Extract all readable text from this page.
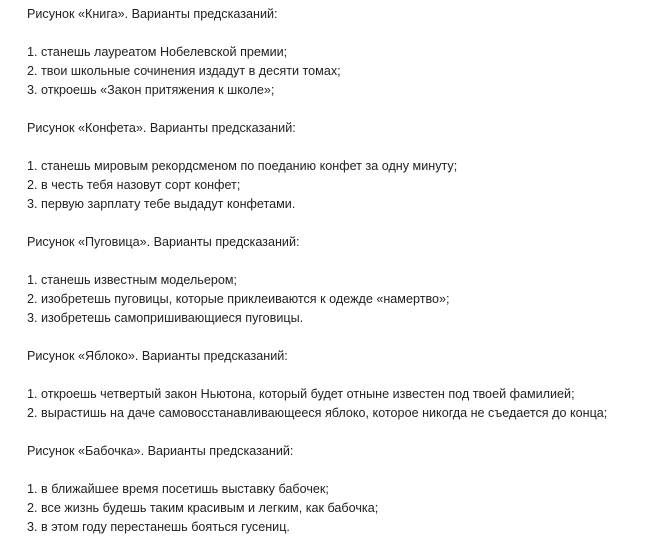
Рисунок «Книга». Варианты предсказаний:
1. станешь лауреатом Нобелевской премии;
2. твои школьные сочинения издадут в десяти томах;
3. откроешь «Закон притяжения к школе»;
Рисунок «Конфета». Варианты предсказаний:
1. станешь мировым рекордсменом по поеданию конфет за одну минуту;
2. в честь тебя назовут сорт конфет;
3. первую зарплату тебе выдадут конфетами.
Рисунок «Пуговица». Варианты предсказаний:
1. станешь известным модельером;
2. изобретешь пуговицы, которые приклеиваются к одежде «намертво»;
3. изобретешь самопришивающиеся пуговицы.
Рисунок «Яблоко». Варианты предсказаний:
1. откроешь четвертый закон Ньютона, который будет отныне известен под твоей фамилией;
2. вырастишь на даче самовосстанавливающееся яблоко, которое никогда не съедается до конца;
Рисунок «Бабочка». Варианты предсказаний:
1. в ближайшее время посетишь выставку бабочек;
2. все жизнь будешь таким красивым и легким, как бабочка;
3. в этом году перестанешь бояться гусениц.
